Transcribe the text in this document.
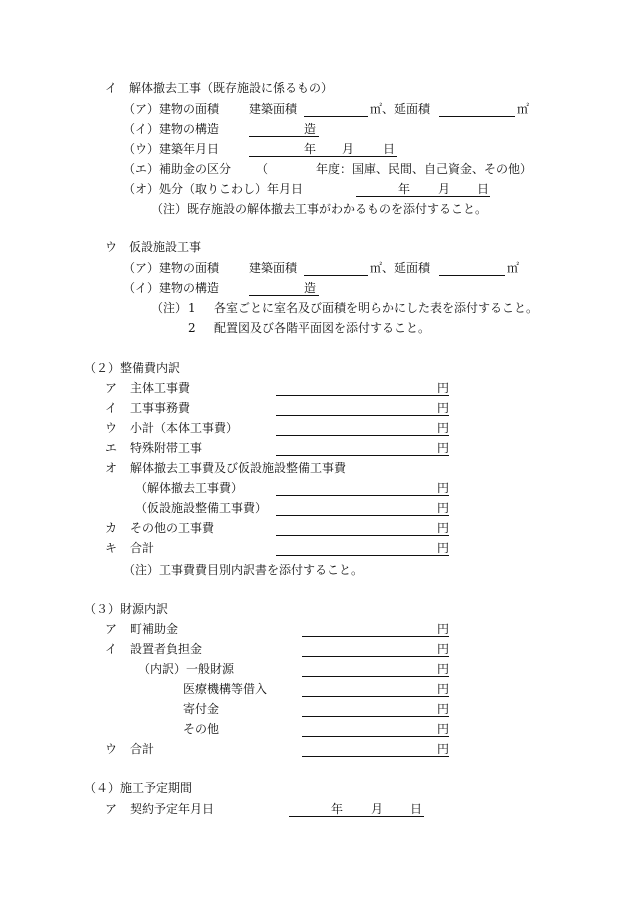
イ　解体撤去工事（既存施設に係るもの）
（ア）建物の面積 建築面積	㎡ 、延面積	㎡
（イ）建物の構造	造
（ウ）建築年月日	年 月 日
（エ）補助金の区分 （	年度：国庫、民間、自己資金、その他）
（オ）処分（取りこわし）年月日	年 月 日
（注）既存施設の解体撤去工事がわかるものを添付すること。
ウ　仮設施設工事
（ア）建物の面積 建築面積	㎡ 、延面積	㎡
（イ）建物の構造	造
（注） 1 各室ごとに室名及び面積を明らかにした表を添付すること。
2 配置図及び各階平面図を添付すること。
（２）整備費内訳
ア 主体工事費	円
イ 工事事務費	円
ウ 小計（本体工事費）	円
エ 特殊附帯工事	円
オ 解体撤去工事費及び仮設施設整備工事費
（解体撤去工事費）	円
（仮設施設整備工事費）	円
カ その他の工事費	円
キ 合計	円
（注）工事費費目別内訳書を添付すること。
（３）財源内訳
ア 町補助金	円
イ 設置者負担金	円
（内訳）一般財源	円
医療機構等借入	円
寄付金	円
その他	円
ウ 合計	円
（４）施工予定期間
ア 契約予定年月日	年 月 日
